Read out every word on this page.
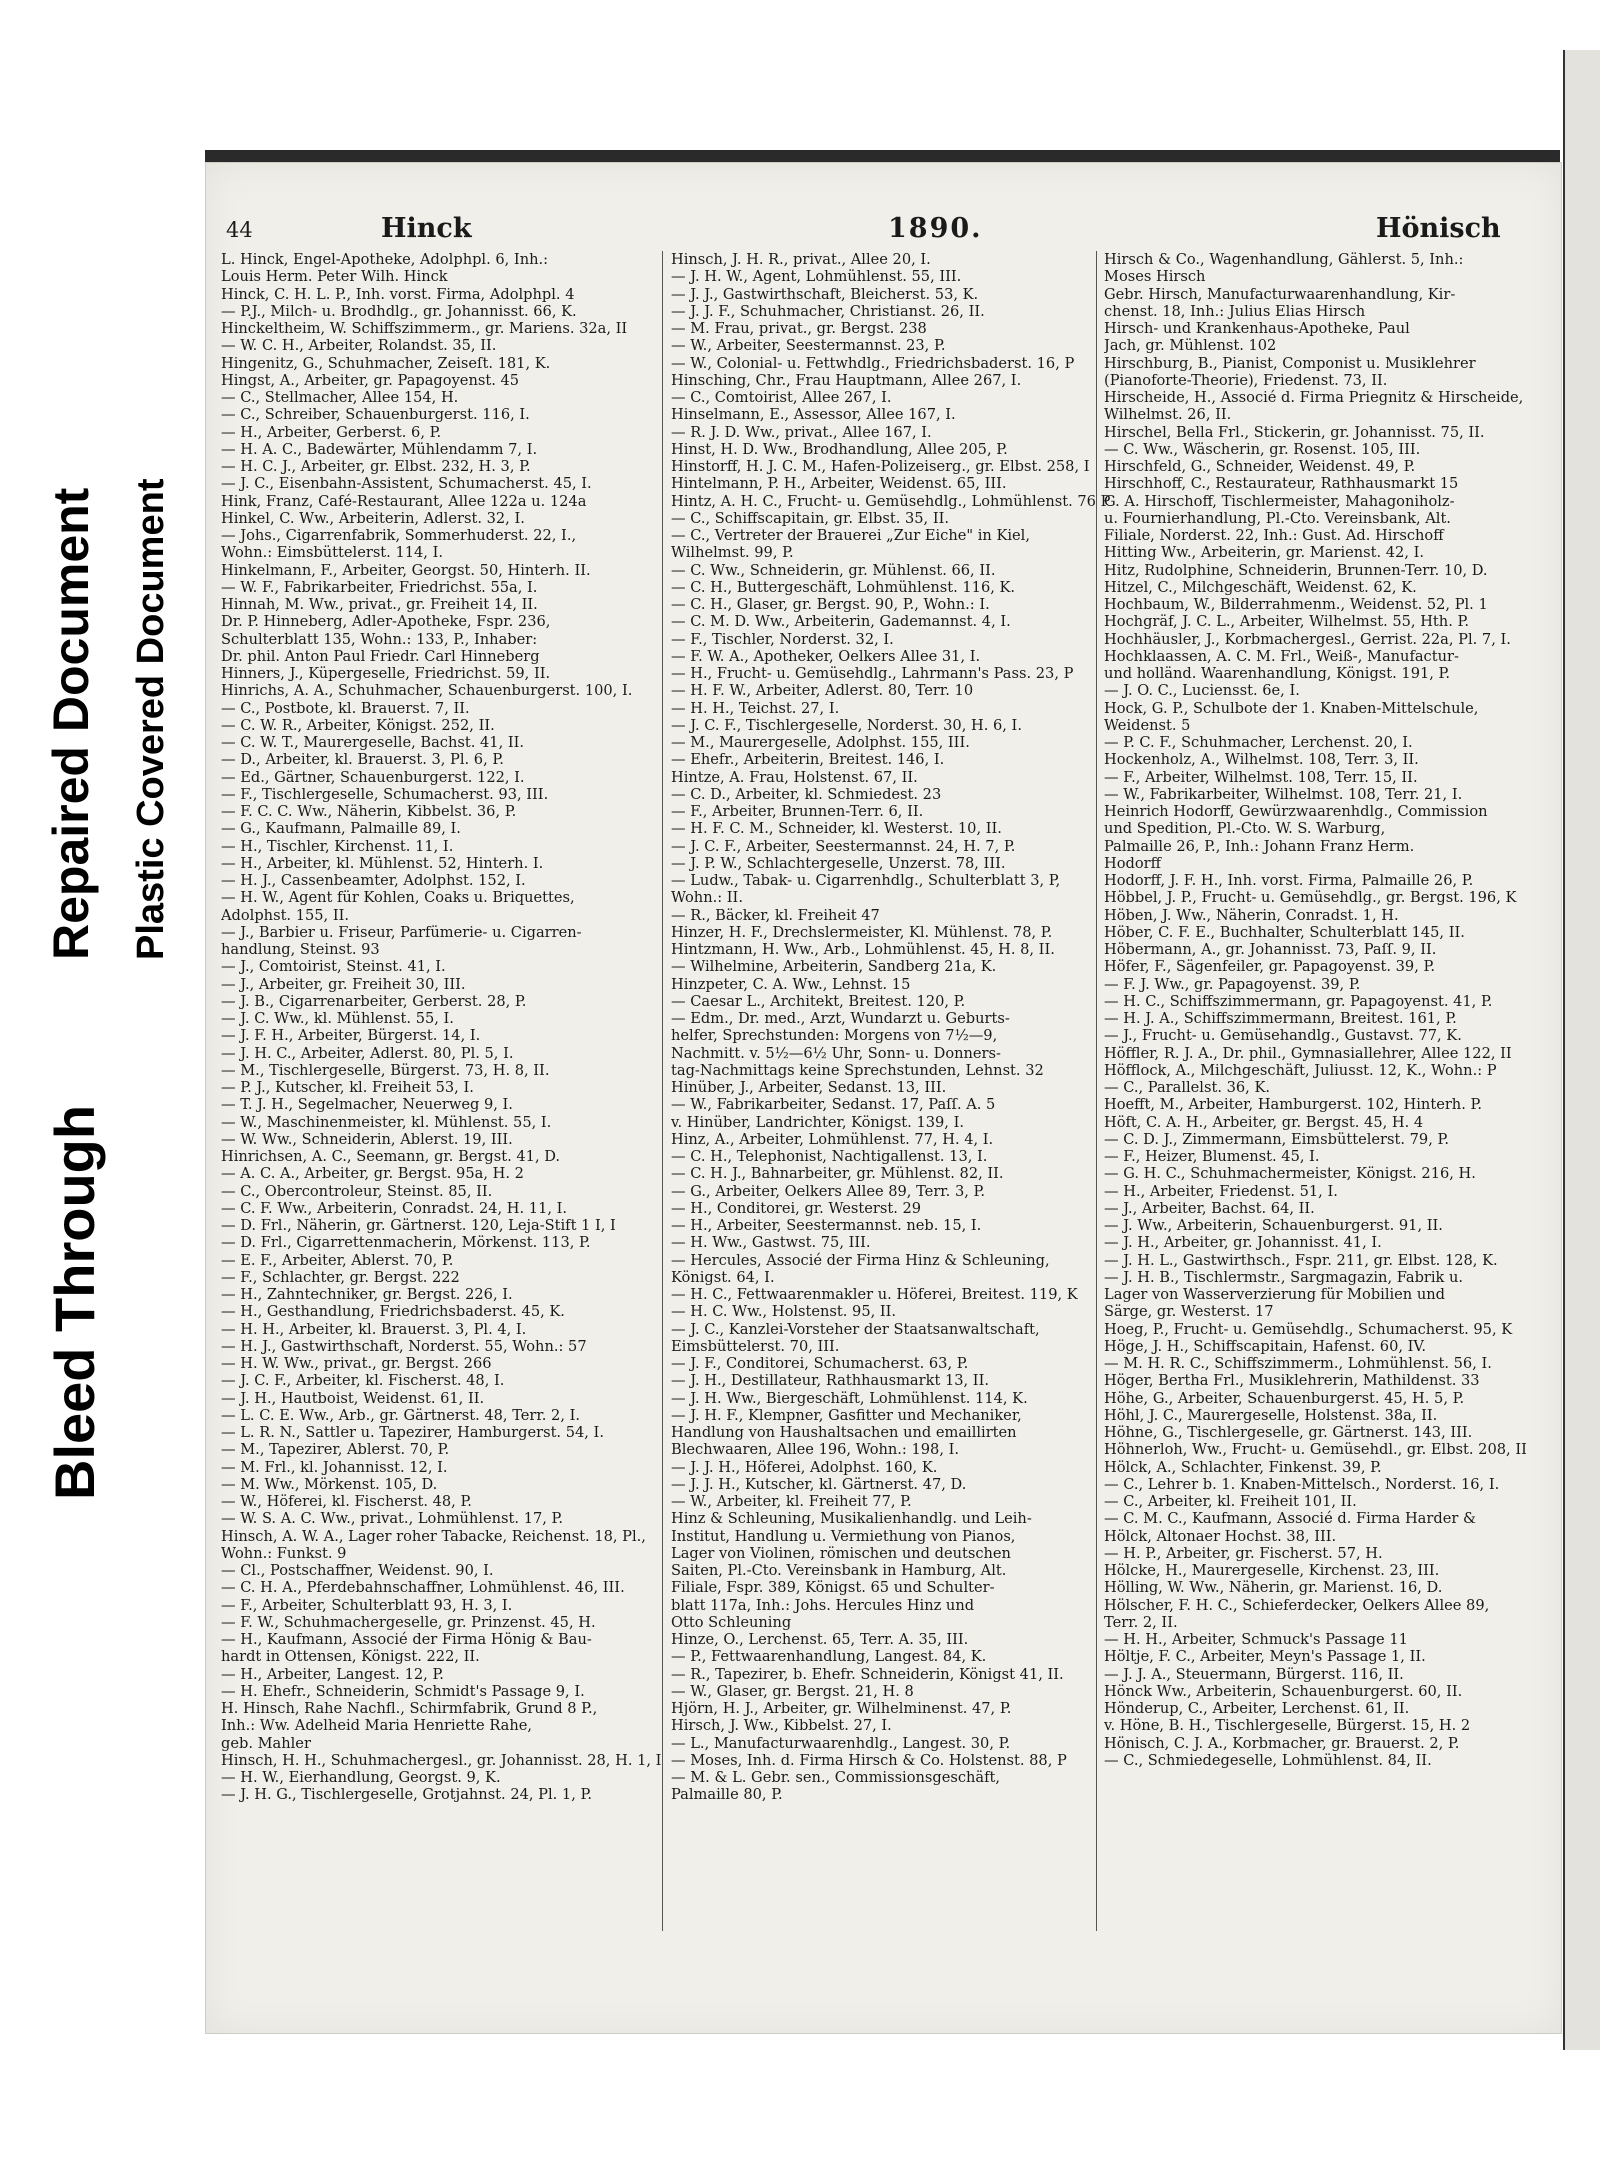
Bleed Through
Repaired Document Plastic Covered Document
44	Hinck	1890.	Hönisch
L. Hinck, Engel-Apotheke, Adolphpl. 6, Inh.:
Louis Herm. Peter Wilh. Hinck
Hinck, C. H. L. P., Inh. vorst. Firma, Adolphpl. 4
— P.J., Milch- u. Brodhdlg., gr. Johannisst. 66, K.
Hinckeltheim, W. Schiffszimmerm., gr. Mariens. 32a, II
— W. C. H., Arbeiter, Rolandst. 35, II.
Hingenitz, G., Schuhmacher, Zeiseſt. 181, K.
Hingst, A., Arbeiter, gr. Papagoyenst. 45
— C., Stellmacher, Allee 154, H.
— C., Schreiber, Schauenburgerst. 116, I.
— H., Arbeiter, Gerberst. 6, P.
— H. A. C., Badewärter, Mühlendamm 7, I.
— H. C. J., Arbeiter, gr. Elbst. 232, H. 3, P.
— J. C., Eisenbahn-Assistent, Schumacherst. 45, I.
Hink, Franz, Café-Restaurant, Allee 122a u. 124a
Hinkel, C. Ww., Arbeiterin, Adlerst. 32, I.
— Johs., Cigarrenfabrik, Sommerhuderst. 22, I.,
Wohn.: Eimsbüttelerst. 114, I.
Hinkelmann, F., Arbeiter, Georgst. 50, Hinterh. II.
— W. F., Fabrikarbeiter, Friedrichst. 55a, I.
Hinnah, M. Ww., privat., gr. Freiheit 14, II.
Dr. P. Hinneberg, Adler-Apotheke, Fspr. 236,
Schulterblatt 135, Wohn.: 133, P., Inhaber:
Dr. phil. Anton Paul Friedr. Carl Hinneberg
Hinners, J., Küpergeselle, Friedrichst. 59, II.
Hinrichs, A. A., Schuhmacher, Schauenburgerst. 100, I.
— C., Postbote, kl. Brauerst. 7, II.
— C. W. R., Arbeiter, Königst. 252, II.
— C. W. T., Maurergeselle, Bachst. 41, II.
— D., Arbeiter, kl. Brauerst. 3, Pl. 6, P.
— Ed., Gärtner, Schauenburgerst. 122, I.
— F., Tischlergeselle, Schumacherst. 93, III.
— F. C. C. Ww., Näherin, Kibbelst. 36, P.
— G., Kaufmann, Palmaille 89, I.
— H., Tischler, Kirchenst. 11, I.
— H., Arbeiter, kl. Mühlenst. 52, Hinterh. I.
— H. J., Cassenbeamter, Adolphst. 152, I.
— H. W., Agent für Kohlen, Coaks u. Briquettes,
Adolphst. 155, II.
— J., Barbier u. Friseur, Parfümerie- u. Cigarren-
handlung, Steinst. 93
— J., Comtoirist, Steinst. 41, I.
— J., Arbeiter, gr. Freiheit 30, III.
— J. B., Cigarrenarbeiter, Gerberst. 28, P.
— J. C. Ww., kl. Mühlenst. 55, I.
— J. F. H., Arbeiter, Bürgerst. 14, I.
— J. H. C., Arbeiter, Adlerst. 80, Pl. 5, I.
— M., Tischlergeselle, Bürgerst. 73, H. 8, II.
— P. J., Kutscher, kl. Freiheit 53, I.
— T. J. H., Segelmacher, Neuerweg 9, I.
— W., Maschinenmeister, kl. Mühlenst. 55, I.
— W. Ww., Schneiderin, Ablerst. 19, III.
Hinrichsen, A. C., Seemann, gr. Bergst. 41, D.
— A. C. A., Arbeiter, gr. Bergst. 95a, H. 2
— C., Obercontroleur, Steinst. 85, II.
— C. F. Ww., Arbeiterin, Conradst. 24, H. 11, I.
— D. Frl., Näherin, gr. Gärtnerst. 120, Leja-Stift 1 I, I
— D. Frl., Cigarrettenmacherin, Mörkenst. 113, P.
— E. F., Arbeiter, Ablerst. 70, P.
— F., Schlachter, gr. Bergst. 222
— H., Zahntechniker, gr. Bergst. 226, I.
— H., Gesthandlung, Friedrichsbaderst. 45, K.
— H. H., Arbeiter, kl. Brauerst. 3, Pl. 4, I.
— H. J., Gastwirthschaft, Norderst. 55, Wohn.: 57
— H. W. Ww., privat., gr. Bergst. 266
— J. C. F., Arbeiter, kl. Fischerst. 48, I.
— J. H., Hautboist, Weidenst. 61, II.
— L. C. E. Ww., Arb., gr. Gärtnerst. 48, Terr. 2, I.
— L. R. N., Sattler u. Tapezirer, Hamburgerst. 54, I.
— M., Tapezirer, Ablerst. 70, P.
— M. Frl., kl. Johannisst. 12, I.
— M. Ww., Mörkenst. 105, D.
— W., Höferei, kl. Fischerst. 48, P.
— W. S. A. C. Ww., privat., Lohmühlenst. 17, P.
Hinsch, A. W. A., Lager roher Tabacke, Reichenst. 18, Pl.,
Wohn.: Funkst. 9
— Cl., Postschaffner, Weidenst. 90, I.
— C. H. A., Pferdebahnschaffner, Lohmühlenst. 46, III.
— F., Arbeiter, Schulterblatt 93, H. 3, I.
— F. W., Schuhmachergeselle, gr. Prinzenst. 45, H.
— H., Kaufmann, Associé der Firma Hönig & Bau-
hardt in Ottensen, Königst. 222, II.
— H., Arbeiter, Langest. 12, P.
— H. Ehefr., Schneiderin, Schmidt's Passage 9, I.
H. Hinsch, Rahe Nachfl., Schirmfabrik, Grund 8 P.,
Inh.: Ww. Adelheid Maria Henriette Rahe,
geb. Mahler
Hinsch, H. H., Schuhmachergesl., gr. Johannisst. 28, H. 1, I
— H. W., Eierhandlung, Georgst. 9, K.
— J. H. G., Tischlergeselle, Grotjahnst. 24, Pl. 1, P.
Hinsch, J. H. R., privat., Allee 20, I.
— J. H. W., Agent, Lohmühlenst. 55, III.
— J. J., Gastwirthschaft, Bleicherst. 53, K.
— J. J. F., Schuhmacher, Christianst. 26, II.
— M. Frau, privat., gr. Bergst. 238
— W., Arbeiter, Seestermannst. 23, P.
— W., Colonial- u. Fettwhdlg., Friedrichsbaderst. 16, P
Hinsching, Chr., Frau Hauptmann, Allee 267, I.
— C., Comtoirist, Allee 267, I.
Hinselmann, E., Assessor, Allee 167, I.
— R. J. D. Ww., privat., Allee 167, I.
Hinst, H. D. Ww., Brodhandlung, Allee 205, P.
Hinstorff, H. J. C. M., Hafen-Polizeiserg., gr. Elbst. 258, I
Hintelmann, P. H., Arbeiter, Weidenst. 65, III.
Hintz, A. H. C., Frucht- u. Gemüsehdlg., Lohmühlenst. 76 P
— C., Schiffscapitain, gr. Elbst. 35, II.
— C., Vertreter der Brauerei „Zur Eiche" in Kiel,
Wilhelmst. 99, P.
— C. Ww., Schneiderin, gr. Mühlenst. 66, II.
— C. H., Buttergeschäft, Lohmühlenst. 116, K.
— C. H., Glaser, gr. Bergst. 90, P., Wohn.: I.
— C. M. D. Ww., Arbeiterin, Gademannst. 4, I.
— F., Tischler, Norderst. 32, I.
— F. W. A., Apotheker, Oelkers Allee 31, I.
— H., Frucht- u. Gemüsehdlg., Lahrmann's Pass. 23, P
— H. F. W., Arbeiter, Adlerst. 80, Terr. 10
— H. H., Teichst. 27, I.
— J. C. F., Tischlergeselle, Norderst. 30, H. 6, I.
— M., Maurergeselle, Adolphst. 155, III.
— Ehefr., Arbeiterin, Breitest. 146, I.
Hintze, A. Frau, Holstenst. 67, II.
— C. D., Arbeiter, kl. Schmiedest. 23
— F., Arbeiter, Brunnen-Terr. 6, II.
— H. F. C. M., Schneider, kl. Westerst. 10, II.
— J. C. F., Arbeiter, Seestermannst. 24, H. 7, P.
— J. P. W., Schlachtergeselle, Unzerst. 78, III.
— Ludw., Tabak- u. Cigarrenhdlg., Schulterblatt 3, P,
Wohn.: II.
— R., Bäcker, kl. Freiheit 47
Hinzer, H. F., Drechslermeister, Kl. Mühlenst. 78, P.
Hintzmann, H. Ww., Arb., Lohmühlenst. 45, H. 8, II.
— Wilhelmine, Arbeiterin, Sandberg 21a, K.
Hinzpeter, C. A. Ww., Lehnst. 15
— Caesar L., Architekt, Breitest. 120, P.
— Edm., Dr. med., Arzt, Wundarzt u. Geburts-
helfer, Sprechstunden: Morgens von 7½—9,
Nachmitt. v. 5½—6½ Uhr, Sonn- u. Donners-
tag-Nachmittags keine Sprechstunden, Lehnst. 32
Hinüber, J., Arbeiter, Sedanst. 13, III.
— W., Fabrikarbeiter, Sedanst. 17, Paſſ. A. 5
v. Hinüber, Landrichter, Königst. 139, I.
Hinz, A., Arbeiter, Lohmühlenst. 77, H. 4, I.
— C. H., Telephonist, Nachtigallenst. 13, I.
— C. H. J., Bahnarbeiter, gr. Mühlenst. 82, II.
— G., Arbeiter, Oelkers Allee 89, Terr. 3, P.
— H., Conditorei, gr. Westerst. 29
— H., Arbeiter, Seestermannst. neb. 15, I.
— H. Ww., Gastwst. 75, III.
— Hercules, Associé der Firma Hinz & Schleuning,
Königst. 64, I.
— H. C., Fettwaarenmakler u. Höferei, Breitest. 119, K
— H. C. Ww., Holstenst. 95, II.
— J. C., Kanzlei-Vorsteher der Staatsanwaltschaft,
Eimsbüttelerst. 70, III.
— J. F., Conditorei, Schumacherst. 63, P.
— J. H., Destillateur, Rathhausmarkt 13, II.
— J. H. Ww., Biergeschäft, Lohmühlenst. 114, K.
— J. H. F., Klempner, Gasfitter und Mechaniker,
Handlung von Haushaltsachen und emaillirten
Blechwaaren, Allee 196, Wohn.: 198, I.
— J. J. H., Höferei, Adolphst. 160, K.
— J. J. H., Kutscher, kl. Gärtnerst. 47, D.
— W., Arbeiter, kl. Freiheit 77, P.
Hinz & Schleuning, Musikalienhandlg. und Leih-
Institut, Handlung u. Vermiethung von Pianos,
Lager von Violinen, römischen und deutschen
Saiten, Pl.-Cto. Vereinsbank in Hamburg, Alt.
Filiale, Fspr. 389, Königst. 65 und Schulter-
blatt 117a, Inh.: Johs. Hercules Hinz und
Otto Schleuning
Hinze, O., Lerchenst. 65, Terr. A. 35, III.
— P., Fettwaarenhandlung, Langest. 84, K.
— R., Tapezirer, b. Ehefr. Schneiderin, Königst 41, II.
— W., Glaser, gr. Bergst. 21, H. 8
Hjörn, H. J., Arbeiter, gr. Wilhelminenst. 47, P.
Hirsch, J. Ww., Kibbelst. 27, I.
— L., Manufacturwaarenhdlg., Langest. 30, P.
— Moses, Inh. d. Firma Hirsch & Co. Holstenst. 88, P
— M. & L. Gebr. sen., Commissionsgeschäft,
Palmaille 80, P.
Hirsch & Co., Wagenhandlung, Gählerst. 5, Inh.:
Moses Hirsch
Gebr. Hirsch, Manufacturwaarenhandlung, Kir-
chenst. 18, Inh.: Julius Elias Hirsch
Hirsch- und Krankenhaus-Apotheke, Paul
Jach, gr. Mühlenst. 102
Hirschburg, B., Pianist, Componist u. Musiklehrer
(Pianoforte-Theorie), Friedenst. 73, II.
Hirscheide, H., Associé d. Firma Priegnitz & Hirscheide,
Wilhelmst. 26, II.
Hirschel, Bella Frl., Stickerin, gr. Johannisst. 75, II.
— C. Ww., Wäscherin, gr. Rosenst. 105, III.
Hirschfeld, G., Schneider, Weidenst. 49, P.
Hirschhoff, C., Restaurateur, Rathhausmarkt 15
G. A. Hirschoff, Tischlermeister, Mahagoniholz-
u. Fournierhandlung, Pl.-Cto. Vereinsbank, Alt.
Filiale, Norderst. 22, Inh.: Gust. Ad. Hirschoff
Hitting Ww., Arbeiterin, gr. Marienst. 42, I.
Hitz, Rudolphine, Schneiderin, Brunnen-Terr. 10, D.
Hitzel, C., Milchgeschäft, Weidenst. 62, K.
Hochbaum, W., Bilderrahmenm., Weidenst. 52, Pl. 1
Hochgräf, J. C. L., Arbeiter, Wilhelmst. 55, Hth. P.
Hochhäusler, J., Korbmachergesl., Gerrist. 22a, Pl. 7, I.
Hochklaassen, A. C. M. Frl., Weiß-, Manufactur-
und holländ. Waarenhandlung, Königst. 191, P.
— J. O. C., Luciensst. 6e, I.
Hock, G. P., Schulbote der 1. Knaben-Mittelschule,
Weidenst. 5
— P. C. F., Schuhmacher, Lerchenst. 20, I.
Hockenholz, A., Wilhelmst. 108, Terr. 3, II.
— F., Arbeiter, Wilhelmst. 108, Terr. 15, II.
— W., Fabrikarbeiter, Wilhelmst. 108, Terr. 21, I.
Heinrich Hodorff, Gewürzwaarenhdlg., Commission
und Spedition, Pl.-Cto. W. S. Warburg,
Palmaille 26, P., Inh.: Johann Franz Herm.
Hodorff
Hodorff, J. F. H., Inh. vorst. Firma, Palmaille 26, P.
Höbbel, J. P., Frucht- u. Gemüsehdlg., gr. Bergst. 196, K
Höben, J. Ww., Näherin, Conradst. 1, H.
Höber, C. F. E., Buchhalter, Schulterblatt 145, II.
Höbermann, A., gr. Johannisst. 73, Paſſ. 9, II.
Höfer, F., Sägenfeiler, gr. Papagoyenst. 39, P.
— F. J. Ww., gr. Papagoyenst. 39, P.
— H. C., Schiffszimmermann, gr. Papagoyenst. 41, P.
— H. J. A., Schiffszimmermann, Breitest. 161, P.
— J., Frucht- u. Gemüsehandlg., Gustavst. 77, K.
Höffler, R. J. A., Dr. phil., Gymnasiallehrer, Allee 122, II
Höfflock, A., Milchgeschäft, Juliusst. 12, K., Wohn.: P
— C., Parallelst. 36, K.
Hoefft, M., Arbeiter, Hamburgerst. 102, Hinterh. P.
Höft, C. A. H., Arbeiter, gr. Bergst. 45, H. 4
— C. D. J., Zimmermann, Eimsbüttelerst. 79, P.
— F., Heizer, Blumenst. 45, I.
— G. H. C., Schuhmachermeister, Königst. 216, H.
— H., Arbeiter, Friedenst. 51, I.
— J., Arbeiter, Bachst. 64, II.
— J. Ww., Arbeiterin, Schauenburgerst. 91, II.
— J. H., Arbeiter, gr. Johannisst. 41, I.
— J. H. L., Gastwirthsch., Fspr. 211, gr. Elbst. 128, K.
— J. H. B., Tischlermstr., Sargmagazin, Fabrik u.
Lager von Wasserverzierung für Mobilien und
Särge, gr. Westerst. 17
Hoeg, P., Frucht- u. Gemüsehdlg., Schumacherst. 95, K
Höge, J. H., Schiffscapitain, Hafenst. 60, IV.
— M. H. R. C., Schiffszimmerm., Lohmühlenst. 56, I.
Höger, Bertha Frl., Musiklehrerin, Mathildenst. 33
Höhe, G., Arbeiter, Schauenburgerst. 45, H. 5, P.
Höhl, J. C., Maurergeselle, Holstenst. 38a, II.
Höhne, G., Tischlergeselle, gr. Gärtnerst. 143, III.
Höhnerloh, Ww., Frucht- u. Gemüsehdl., gr. Elbst. 208, II
Hölck, A., Schlachter, Finkenst. 39, P.
— C., Lehrer b. 1. Knaben-Mittelsch., Norderst. 16, I.
— C., Arbeiter, kl. Freiheit 101, II.
— C. M. C., Kaufmann, Associé d. Firma Harder &
Hölck, Altonaer Hochst. 38, III.
— H. P., Arbeiter, gr. Fischerst. 57, H.
Hölcke, H., Maurergeselle, Kirchenst. 23, III.
Hölling, W. Ww., Näherin, gr. Marienst. 16, D.
Hölscher, F. H. C., Schieferdecker, Oelkers Allee 89,
Terr. 2, II.
— H. H., Arbeiter, Schmuck's Passage 11
Höltje, F. C., Arbeiter, Meyn's Passage 1, II.
— J. J. A., Steuermann, Bürgerst. 116, II.
Hönck Ww., Arbeiterin, Schauenburgerst. 60, II.
Hönderup, C., Arbeiter, Lerchenst. 61, II.
v. Höne, B. H., Tischlergeselle, Bürgerst. 15, H. 2
Hönisch, C. J. A., Korbmacher, gr. Brauerst. 2, P.
— C., Schmiedegeselle, Lohmühlenst. 84, II.
